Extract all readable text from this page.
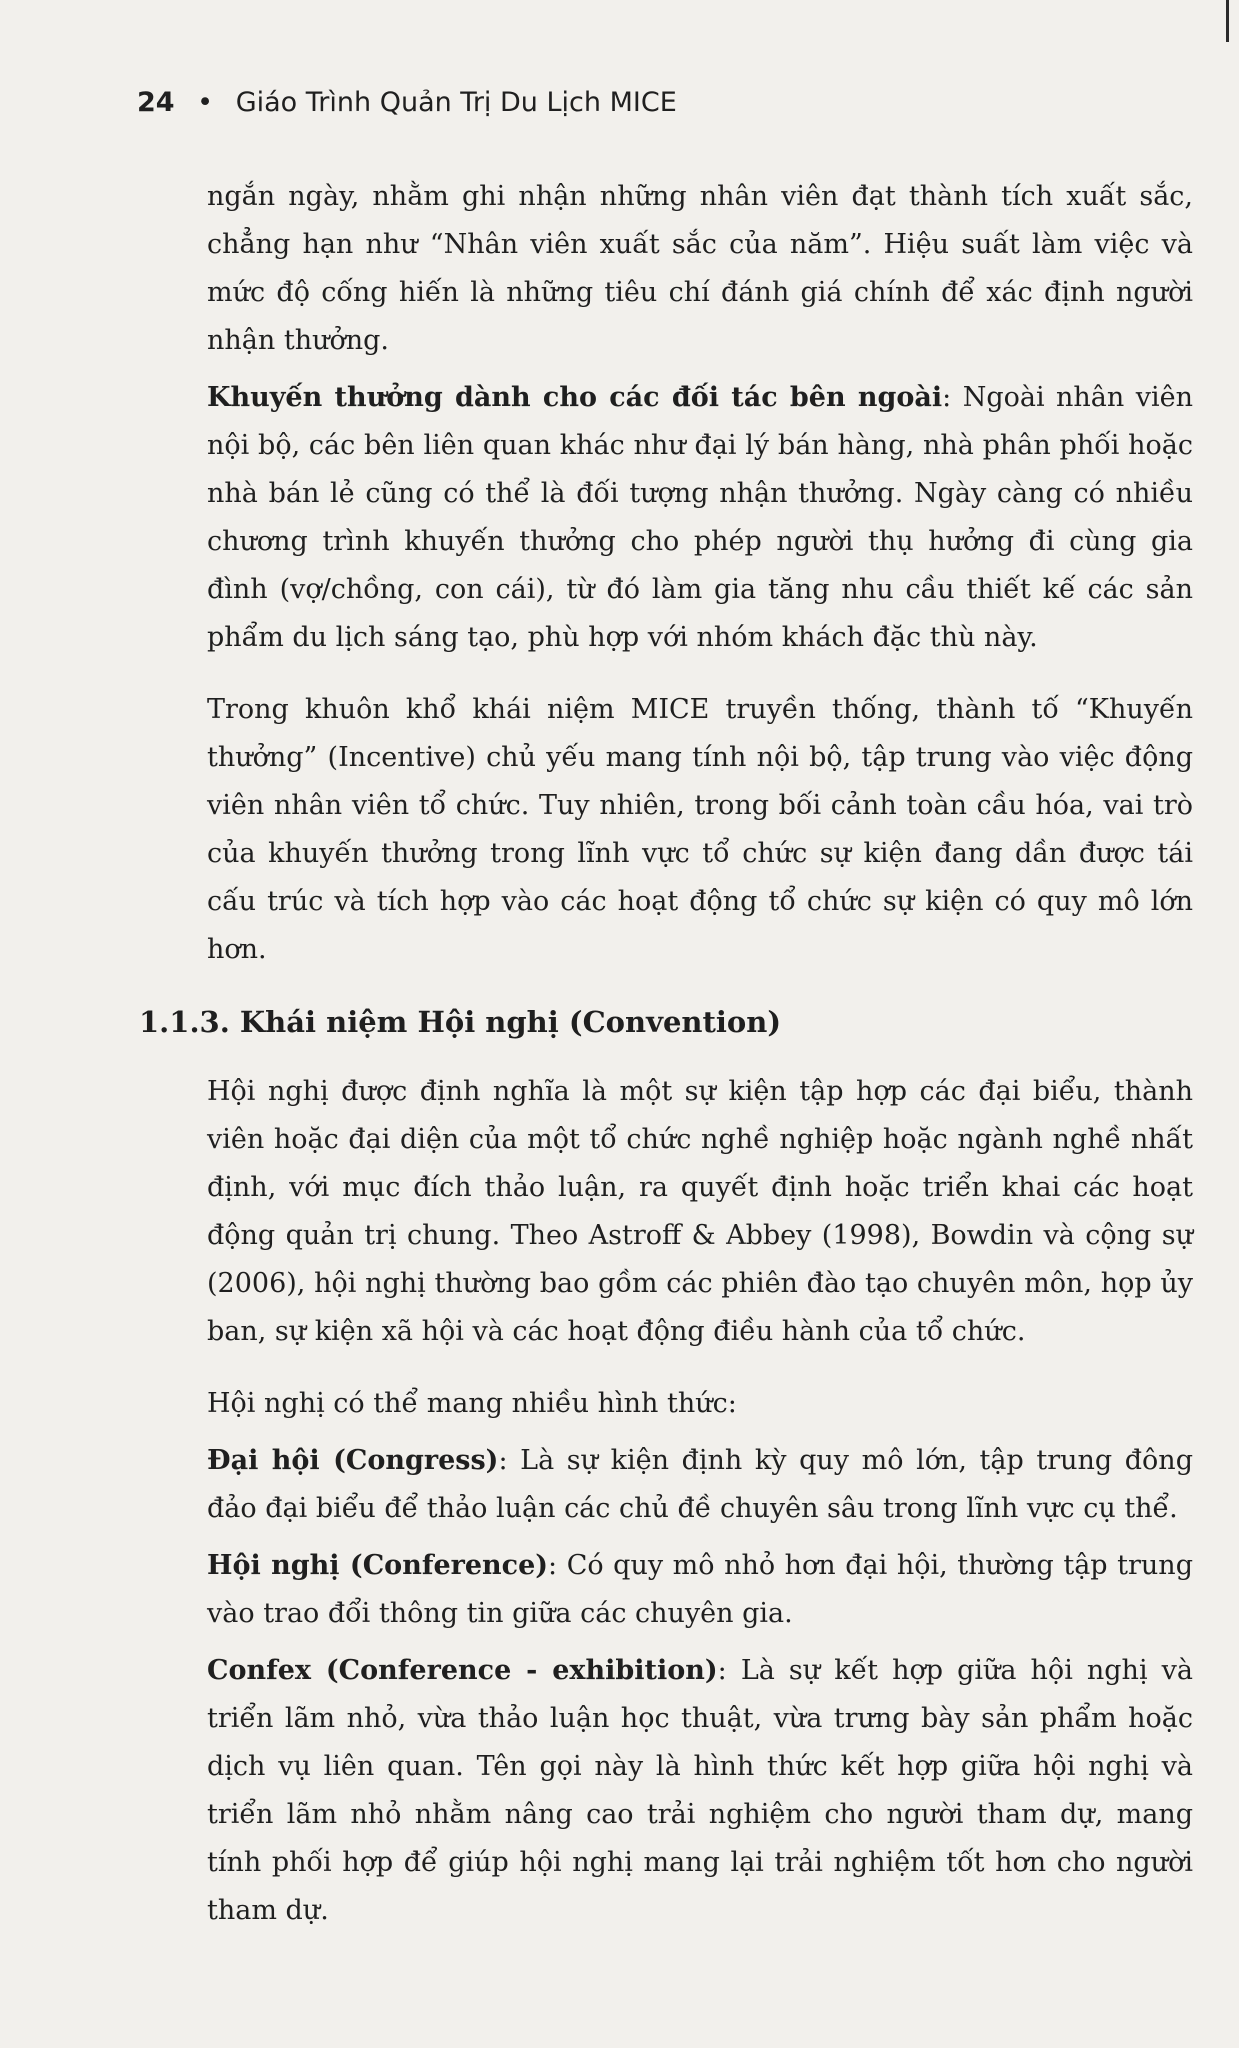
24 • Giáo Trình Quản Trị Du Lịch MICE

ngắn ngày, nhằm ghi nhận những nhân viên đạt thành tích xuất sắc, chẳng hạn như “Nhân viên xuất sắc của năm”. Hiệu suất làm việc và mức độ cống hiến là những tiêu chí đánh giá chính để xác định người nhận thưởng.

Khuyến thưởng dành cho các đối tác bên ngoài: Ngoài nhân viên nội bộ, các bên liên quan khác như đại lý bán hàng, nhà phân phối hoặc nhà bán lẻ cũng có thể là đối tượng nhận thưởng. Ngày càng có nhiều chương trình khuyến thưởng cho phép người thụ hưởng đi cùng gia đình (vợ/chồng, con cái), từ đó làm gia tăng nhu cầu thiết kế các sản phẩm du lịch sáng tạo, phù hợp với nhóm khách đặc thù này.

Trong khuôn khổ khái niệm MICE truyền thống, thành tố “Khuyến thưởng” (Incentive) chủ yếu mang tính nội bộ, tập trung vào việc động viên nhân viên tổ chức. Tuy nhiên, trong bối cảnh toàn cầu hóa, vai trò của khuyến thưởng trong lĩnh vực tổ chức sự kiện đang dần được tái cấu trúc và tích hợp vào các hoạt động tổ chức sự kiện có quy mô lớn hơn.

1.1.3. Khái niệm Hội nghị (Convention)

Hội nghị được định nghĩa là một sự kiện tập hợp các đại biểu, thành viên hoặc đại diện của một tổ chức nghề nghiệp hoặc ngành nghề nhất định, với mục đích thảo luận, ra quyết định hoặc triển khai các hoạt động quản trị chung. Theo Astroff & Abbey (1998), Bowdin và cộng sự (2006), hội nghị thường bao gồm các phiên đào tạo chuyên môn, họp ủy ban, sự kiện xã hội và các hoạt động điều hành của tổ chức.

Hội nghị có thể mang nhiều hình thức:

Đại hội (Congress): Là sự kiện định kỳ quy mô lớn, tập trung đông đảo đại biểu để thảo luận các chủ đề chuyên sâu trong lĩnh vực cụ thể.

Hội nghị (Conference): Có quy mô nhỏ hơn đại hội, thường tập trung vào trao đổi thông tin giữa các chuyên gia.

Confex (Conference - exhibition): Là sự kết hợp giữa hội nghị và triển lãm nhỏ, vừa thảo luận học thuật, vừa trưng bày sản phẩm hoặc dịch vụ liên quan. Tên gọi này là hình thức kết hợp giữa hội nghị và triển lãm nhỏ nhằm nâng cao trải nghiệm cho người tham dự, mang tính phối hợp để giúp hội nghị mang lại trải nghiệm tốt hơn cho người tham dự.
